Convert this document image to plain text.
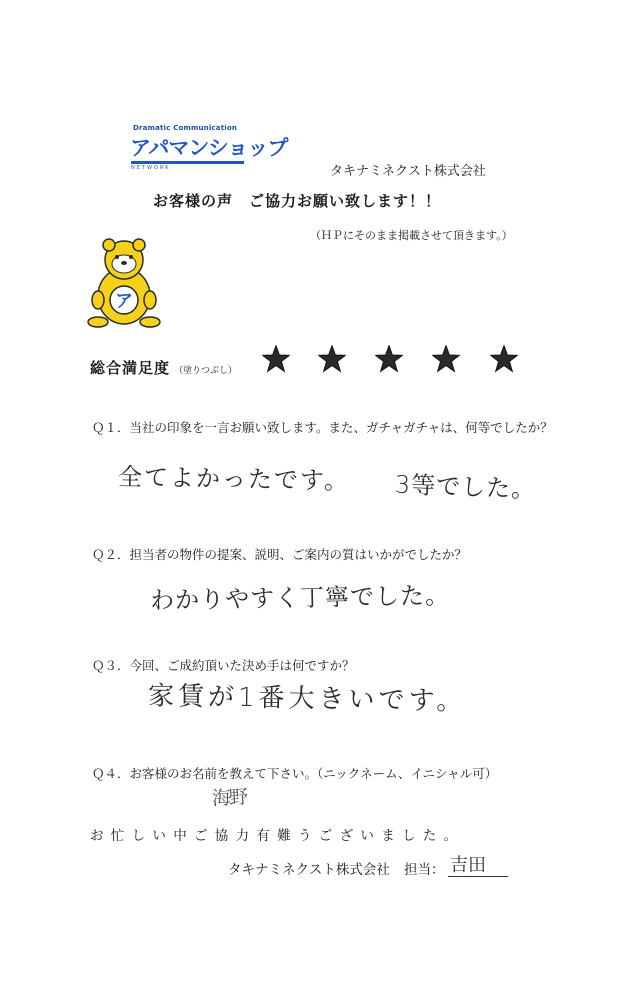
Dramatic Communication
アパマンショップ
NETWORK	タキナミネクスト株式会社
お客様の声　ご協力お願い致します！！
（ＨＰにそのまま掲載させて頂きます。）
ア
総合満足度 （塗りつぶし）
Ｑ１．当社の印象を一言お願い致します。また、ガチャガチャは、何等でしたか？
全てよかったです。 3等でした。
Ｑ２．担当者の物件の提案、説明、ご案内の質はいかがでしたか？
わかりやすく丁寧でした。
Ｑ３．今回、ご成約頂いた決め手は何ですか？
家賃が1番大きいです。
Ｑ４．お客様のお名前を教えて下さい。（ニックネーム、イニシャル可）
海野
お忙しい中ご協力有難うございました。
タキナミネクスト株式会社 担当： 吉田
